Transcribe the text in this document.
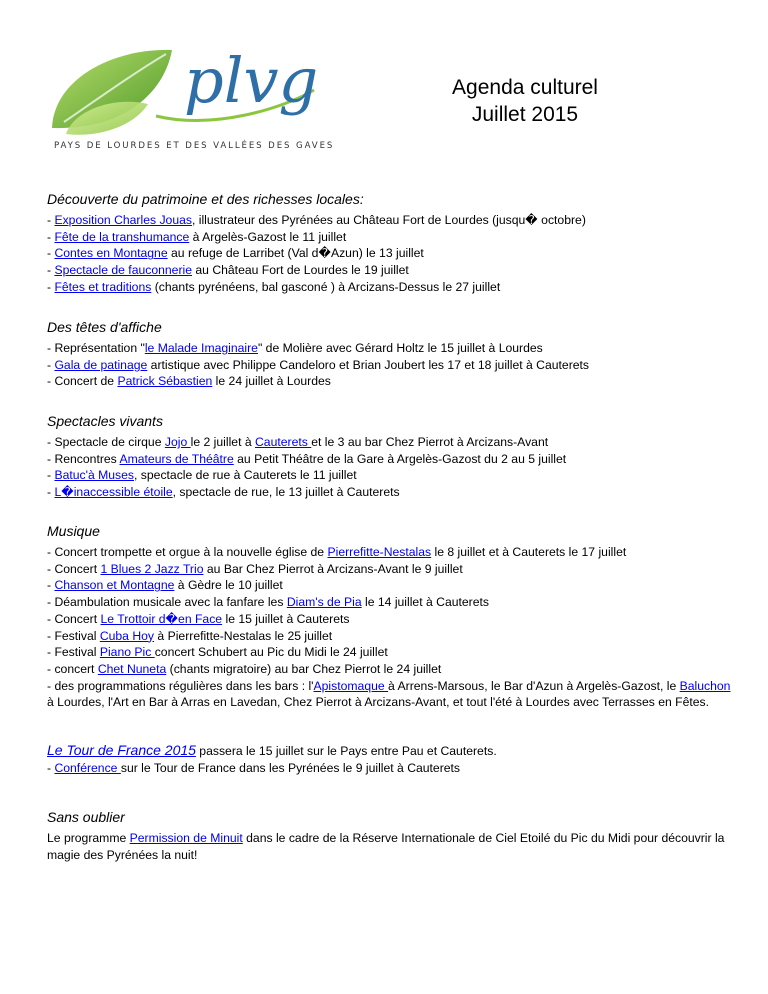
plvg
PAYS DE LOURDES ET DES VALLÉES DES GAVES
Agenda culturel
Juillet 2015
Découverte du patrimoine et des richesses locales:
- Exposition Charles Jouas, illustrateur des Pyrénées au Château Fort de Lourdes (jusqu� octobre)
- Fête de la transhumance à Argelès-Gazost le 11 juillet
- Contes en Montagne au refuge de Larribet (Val d�Azun) le 13 juillet
- Spectacle de fauconnerie au Château Fort de Lourdes le 19 juillet
- Fêtes et traditions (chants pyrénéens, bal gasconé ) à Arcizans-Dessus le 27 juillet
Des têtes d'affiche
- Représentation "le Malade Imaginaire" de Molière avec Gérard Holtz le 15 juillet à Lourdes
- Gala de patinage artistique avec Philippe Candeloro et Brian Joubert les 17 et 18 juillet à Cauterets
- Concert de Patrick Sébastien le 24 juillet à Lourdes
Spectacles vivants
- Spectacle de cirque Jojo le 2 juillet à Cauterets et le 3 au bar Chez Pierrot à Arcizans-Avant
- Rencontres Amateurs de Théâtre au Petit Théâtre de la Gare à Argelès-Gazost du 2 au 5 juillet
- Batuc'à Muses, spectacle de rue à Cauterets le 11 juillet
- L�inaccessible étoile, spectacle de rue, le 13 juillet à Cauterets
Musique
- Concert trompette et orgue à la nouvelle église de Pierrefitte-Nestalas le 8 juillet et à Cauterets le 17 juillet
- Concert 1 Blues 2 Jazz Trio au Bar Chez Pierrot à Arcizans-Avant le 9 juillet
- Chanson et Montagne à Gèdre le 10 juillet
- Déambulation musicale avec la fanfare les Diam's de Pia le 14 juillet à Cauterets
- Concert Le Trottoir d�en Face le 15 juillet à Cauterets
- Festival Cuba Hoy à Pierrefitte-Nestalas le 25 juillet
- Festival Piano Pic concert Schubert au Pic du Midi le 24 juillet
- concert Chet Nuneta (chants migratoire) au bar Chez Pierrot le 24 juillet
- des programmations régulières dans les bars : l'Apistomaque à Arrens-Marsous, le Bar d'Azun à Argelès-Gazost, le Baluchon à Lourdes, l'Art en Bar à Arras en Lavedan, Chez Pierrot à Arcizans-Avant, et tout l'été à Lourdes avec Terrasses en Fêtes.
Le Tour de France 2015 passera le 15 juillet sur le Pays entre Pau et Cauterets.
- Conférence sur le Tour de France dans les Pyrénées le 9 juillet à Cauterets
Sans oublier
Le programme Permission de Minuit dans le cadre de la Réserve Internationale de Ciel Etoilé du Pic du Midi pour découvrir la magie des Pyrénées la nuit!
